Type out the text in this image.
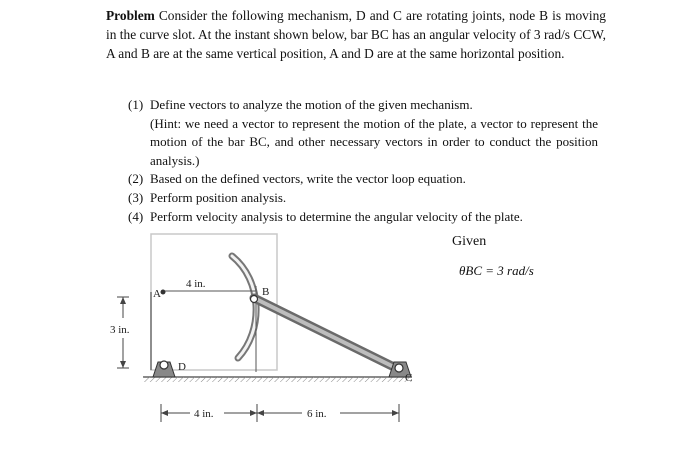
Problem Consider the following mechanism, D and C are rotating joints, node B is moving in the curve slot. At the instant shown below, bar BC has an angular velocity of 3 rad/s CCW, A and B are at the same vertical position, A and D are at the same horizontal position.
(1) Define vectors to analyze the motion of the given mechanism.
(Hint: we need a vector to represent the motion of the plate, a vector to represent the motion of the bar BC, and other necessary vectors in order to conduct the position analysis.)
(2) Based on the defined vectors, write the vector loop equation.
(3) Perform position analysis.
(4) Perform velocity analysis to determine the angular velocity of the plate.
Given
θ̇BC = 3 rad/s
A
4 in.
B
C
D
3 in.
4 in.	6 in.
